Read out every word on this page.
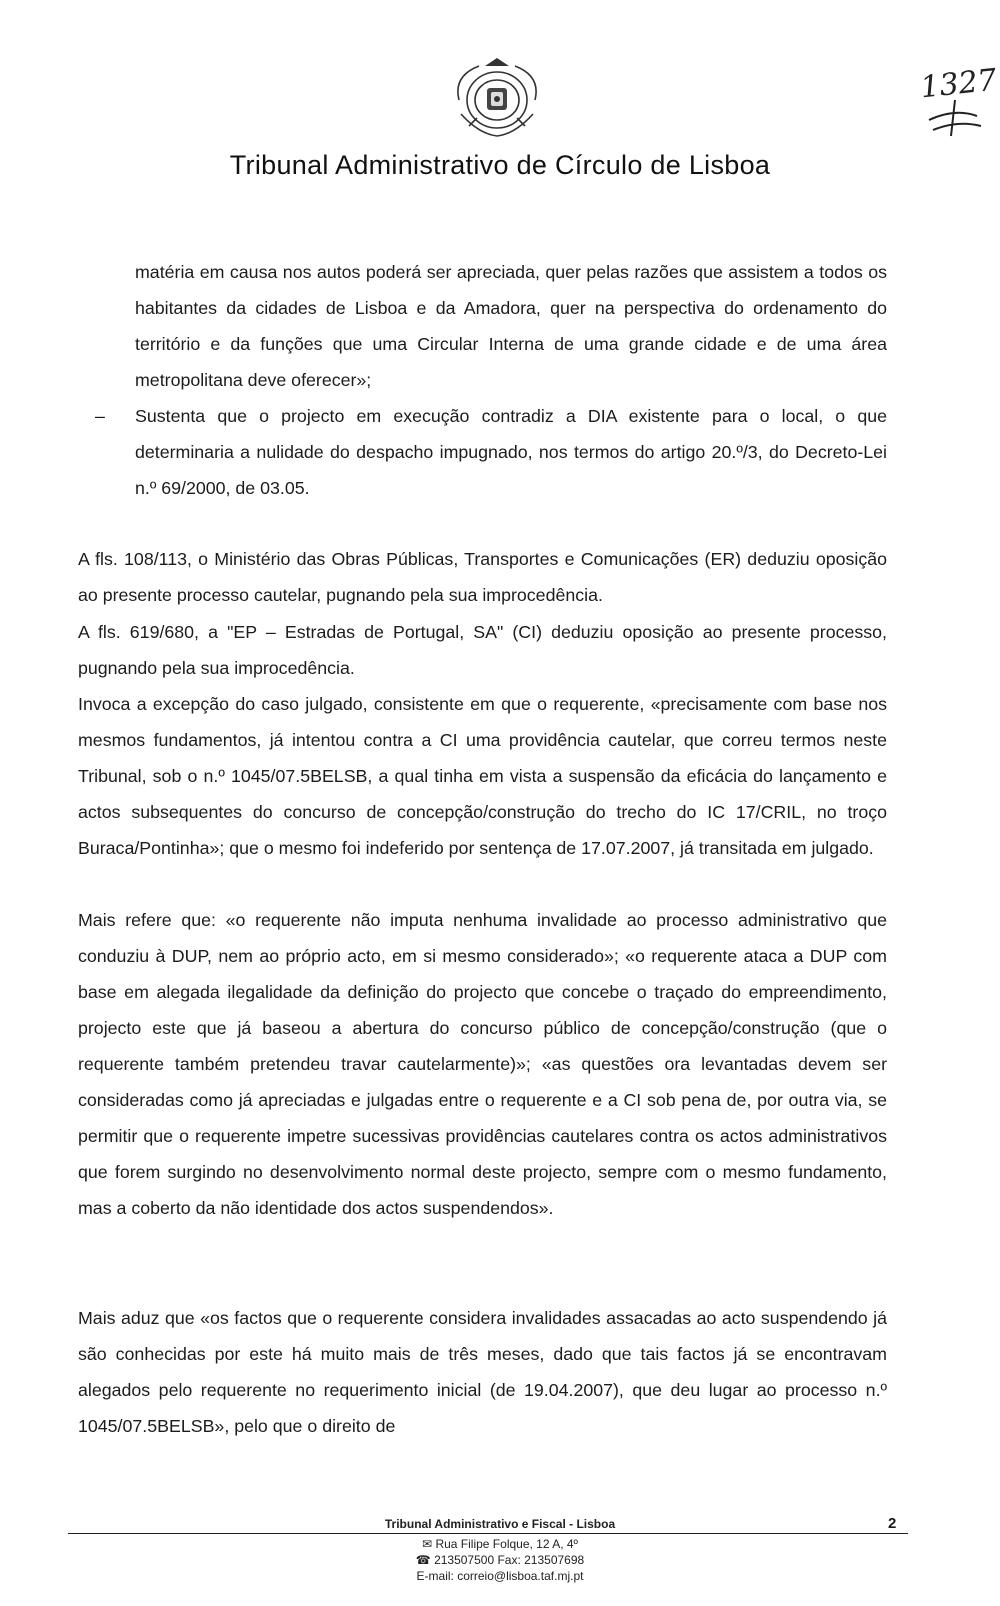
1327
Tribunal Administrativo de Círculo de Lisboa

matéria em causa nos autos poderá ser apreciada, quer pelas razões que assistem a todos os habitantes da cidades de Lisboa e da Amadora, quer na perspectiva do ordenamento do território e da funções que uma Circular Interna de uma grande cidade e de uma área metropolitana deve oferecer»;

– Sustenta que o projecto em execução contradiz a DIA existente para o local, o que determinaria a nulidade do despacho impugnado, nos termos do artigo 20.º/3, do Decreto-Lei n.º 69/2000, de 03.05.

A fls. 108/113, o Ministério das Obras Públicas, Transportes e Comunicações (ER) deduziu oposição ao presente processo cautelar, pugnando pela sua improcedência.

A fls. 619/680, a "EP – Estradas de Portugal, SA" (CI) deduziu oposição ao presente processo, pugnando pela sua improcedência.

Invoca a excepção do caso julgado, consistente em que o requerente, «precisamente com base nos mesmos fundamentos, já intentou contra a CI uma providência cautelar, que correu termos neste Tribunal, sob o n.º 1045/07.5BELSB, a qual tinha em vista a suspensão da eficácia do lançamento e actos subsequentes do concurso de concepção/construção do trecho do IC 17/CRIL, no troço Buraca/Pontinha»; que o mesmo foi indeferido por sentença de 17.07.2007, já transitada em julgado.

Mais refere que: «o requerente não imputa nenhuma invalidade ao processo administrativo que conduziu à DUP, nem ao próprio acto, em si mesmo considerado»; «o requerente ataca a DUP com base em alegada ilegalidade da definição do projecto que concebe o traçado do empreendimento, projecto este que já baseou a abertura do concurso público de concepção/construção (que o requerente também pretendeu travar cautelarmente)»; «as questões ora levantadas devem ser consideradas como já apreciadas e julgadas entre o requerente e a CI sob pena de, por outra via, se permitir que o requerente impetre sucessivas providências cautelares contra os actos administrativos que forem surgindo no desenvolvimento normal deste projecto, sempre com o mesmo fundamento, mas a coberto da não identidade dos actos suspendendos».

Mais aduz que «os factos que o requerente considera invalidades assacadas ao acto suspendendo já são conhecidas por este há muito mais de três meses, dado que tais factos já se encontravam alegados pelo requerente no requerimento inicial (de 19.04.2007), que deu lugar ao processo n.º 1045/07.5BELSB», pelo que o direito de

Tribunal Administrativo e Fiscal - Lisboa	2
✉ Rua Filipe Folque, 12 A, 4º
☎ 213507500 Fax: 213507698
E-mail: correio@lisboa.taf.mj.pt
